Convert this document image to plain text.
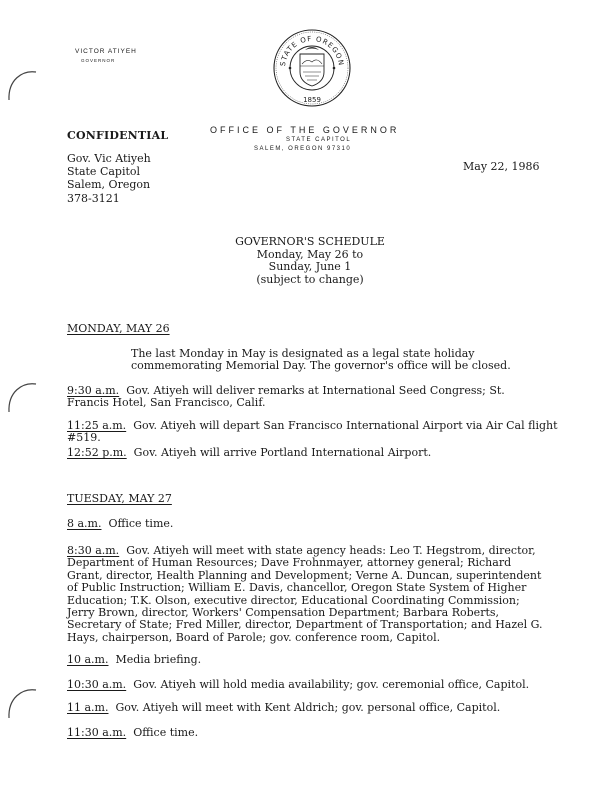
VICTOR ATIYEH
GOVERNOR	STATE OF OREGON
1859
OFFICE OF THE GOVERNOR
STATE CAPITOL
SALEM, OREGON 97310
CONFIDENTIAL
Gov. Vic Atiyeh
State Capitol
Salem, Oregon
378-3121
May 22, 1986
GOVERNOR'S SCHEDULE
Monday, May 26 to
Sunday, June 1
(subject to change)
MONDAY, MAY 26
The last Monday in May is designated as a legal state holiday commemorating Memorial Day. The governor's office will be closed.
9:30 a.m. Gov. Atiyeh will deliver remarks at International Seed Congress; St. Francis Hotel, San Francisco, Calif.
11:25 a.m. Gov. Atiyeh will depart San Francisco International Airport via Air Cal flight #519.
12:52 p.m. Gov. Atiyeh will arrive Portland International Airport.
TUESDAY, MAY 27
8 a.m. Office time.
8:30 a.m. Gov. Atiyeh will meet with state agency heads: Leo T. Hegstrom, director, Department of Human Resources; Dave Frohnmayer, attorney general; Richard Grant, director, Health Planning and Development; Verne A. Duncan, superintendent of Public Instruction; William E. Davis, chancellor, Oregon State System of Higher Education; T.K. Olson, executive director, Educational Coordinating Commission; Jerry Brown, director, Workers' Compensation Department; Barbara Roberts, Secretary of State; Fred Miller, director, Department of Transportation; and Hazel G. Hays, chairperson, Board of Parole; gov. conference room, Capitol.
10 a.m. Media briefing.
10:30 a.m. Gov. Atiyeh will hold media availability; gov. ceremonial office, Capitol.
11 a.m. Gov. Atiyeh will meet with Kent Aldrich; gov. personal office, Capitol.
11:30 a.m. Office time.
